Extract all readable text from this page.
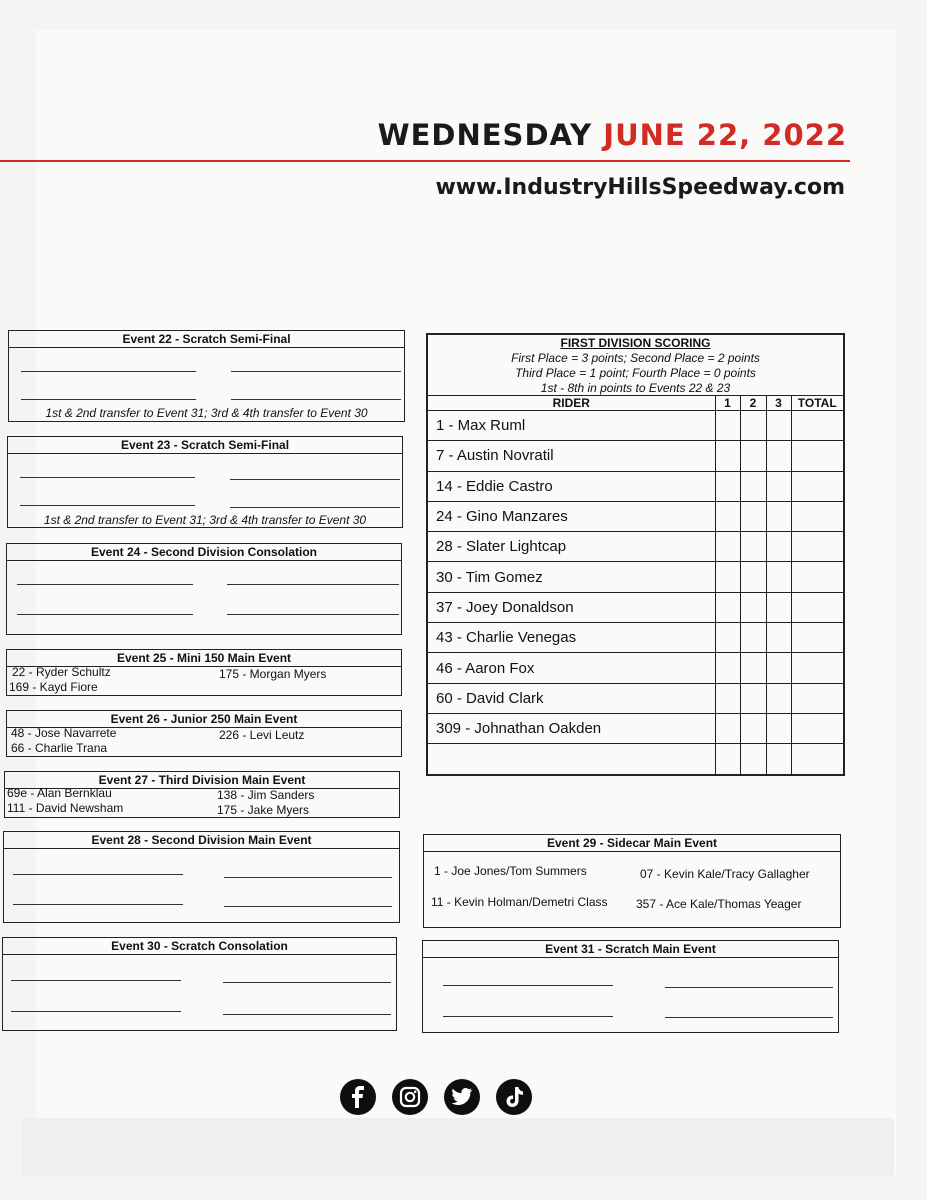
WEDNESDAY JUNE 22, 2022
www.IndustryHillsSpeedway.com
Event 22 - Scratch Semi-Final
1st & 2nd transfer to Event 31; 3rd & 4th transfer to Event 30
Event 23 - Scratch Semi-Final
1st & 2nd transfer to Event 31; 3rd & 4th transfer to Event 30
Event 24 - Second Division Consolation
Event 25 - Mini 150 Main Event
22 - Ryder Schultz
169 - Kayd Fiore
175 - Morgan Myers
Event 26 - Junior 250 Main Event
48 - Jose Navarrete
66 - Charlie Trana
226 - Levi Leutz
Event 27 - Third Division Main Event
69e - Alan Bernklau
111 - David Newsham
138 - Jim Sanders
175 - Jake Myers
Event 28 - Second Division Main Event
Event 30 - Scratch Consolation
FIRST DIVISION SCORING
First Place = 3 points; Second Place = 2 points
Third Place = 1 point; Fourth Place = 0 points
1st - 8th in points to Events 22 & 23
RIDER	1	2	3	TOTAL
1 - Max Ruml				
7 - Austin Novratil				
14 - Eddie Castro				
24 - Gino Manzares				
28 - Slater Lightcap				
30 - Tim Gomez				
37 - Joey Donaldson				
43 - Charlie Venegas				
46 - Aaron Fox				
60 - David Clark				
309 - Johnathan Oakden				

Event 29 - Sidecar Main Event
1 - Joe Jones/Tom Summers
11 - Kevin Holman/Demetri Class
07 - Kevin Kale/Tracy Gallagher
357 - Ace Kale/Thomas Yeager
Event 31 - Scratch Main Event
